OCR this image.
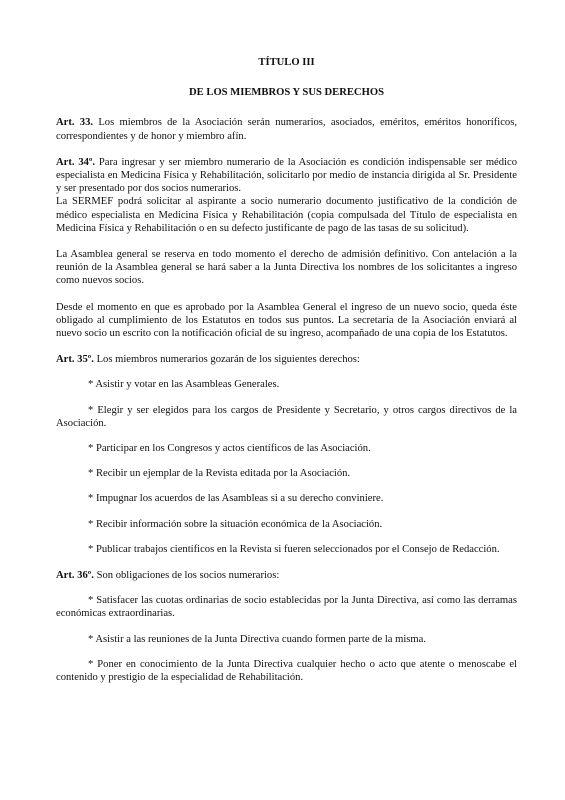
TÍTULO III

DE LOS MIEMBROS Y SUS DERECHOS

Art. 33. Los miembros de la Asociación serán numerarios, asociados, eméritos, eméritos honoríficos, correspondientes y de honor y miembro afín.

Art. 34º. Para ingresar y ser miembro numerario de la Asociación es condición indispensable ser médico especialista en Medicina Física y Rehabilitación, solicitarlo por medio de instancia dirigida al Sr. Presidente y ser presentado por dos socios numerarios.

La SERMEF podrá solicitar al aspirante a socio numerario documento justificativo de la condición de médico especialista en Medicina Física y Rehabilitación (copia compulsada del Título de especialista en Medicina Física y Rehabilitación o en su defecto justificante de pago de las tasas de su solicitud).

La Asamblea general se reserva en todo momento el derecho de admisión definitivo. Con antelación a la reunión de la Asamblea general se hará saber a la Junta Directiva los nombres de los solicitantes a ingreso como nuevos socios.

Desde el momento en que es aprobado por la Asamblea General el ingreso de un nuevo socio, queda éste obligado al cumplimiento de los Estatutos en todos sus puntos. La secretaría de la Asociación enviará al nuevo socio un escrito con la notificación oficial de su ingreso, acompañado de una copia de los Estatutos.

Art. 35º. Los miembros numerarios gozarán de los siguientes derechos:

* Asistir y votar en las Asambleas Generales.

* Elegir y ser elegidos para los cargos de Presidente y Secretario, y otros cargos directivos de la Asociación.

* Participar en los Congresos y actos científicos de las Asociación.

* Recibir un ejemplar de la Revista editada por la Asociación.

* Impugnar los acuerdos de las Asambleas si a su derecho conviniere.

* Recibir información sobre la situación económica de la Asociación.

* Publicar trabajos científicos en la Revista si fueren seleccionados por el Consejo de Redacción.

Art. 36º. Son obligaciones de los socios numerarios:

* Satisfacer las cuotas ordinarias de socio establecidas por la Junta Directiva, así como las derramas económicas extraordinarias.

* Asistir a las reuniones de la Junta Directiva cuando formen parte de la misma.

* Poner en conocimiento de la Junta Directiva cualquier hecho o acto que atente o menoscabe el contenido y prestigio de la especialidad de Rehabilitación.
